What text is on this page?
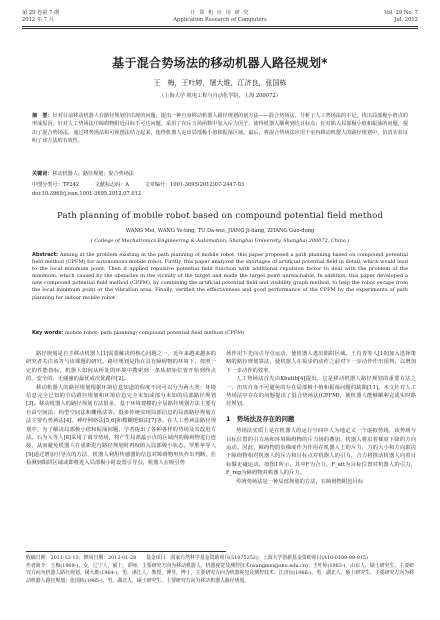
第 29 卷第 7 期
2012 年 7 月
计 算 机 应 用 研 究
Application Research of Computers
Vol. 29 No. 7
Jul. 2012
基于混合势场法的移动机器人路径规划*
王　梅，王叶婷，屠大维，江济良，张国栋
（上海大学 机电工程与自动化学院，上海 200072）
摘　要：针对目前移动机器人在路径规划中出现的问题，提出一种自身移动机器人路径规划的新方法——混合势场法。分析了人工势场法的不足，找出局部极小值点的形成原因；针对人工势场法中障碍物附近目标不可达问题，采用了在斥力场函数中加入斥力因子，使得机器人顺利到达目标点；针对陷入局部极小值和振荡的问题，提出了混合势场法，通过将势场法和可视图法结合起来，使得机器人走出局部极小值和振荡区域。最后，将混合势场法应用于室内移动机器人的路径规划中，仿真实验证明了该方法的有效性。
关键词：移动机器人；路径规划；混合势场法
中图分类号：TP242	文献标志码：A	文章编号：1001-3695(2012)07-2447-03
doi:10.3969/j.issn.1001-3695.2012.07.012
Path planning of mobile robot based on compound potential field method
WANG Mei, WANG Ye-ting, TU Da-wei, JIANG Ji-liang, ZHANG Guo-dong
( College of Mechatronics Engineering & Automation, Shanghai University, Shanghai 200072, China )
Abstract: Aiming at the problem existing in the path planning of mobile robot, this paper proposed a path planning based on compound potential field method (CPFM) for autonomous mobile robot. Firstly, this paper analyzed the shortages of artificial potential field in detail, which would lead to the local minimum point. Then it applied repulsive potential field function with additional repulsion factor to deal with the problem of the minimum, which caused by the obstacles in the vicinity of the target and made the target point unreachable. In addition, this paper developed a new compound potential field method (CPFM), by combining the artificial potential field and visibility graph method, to help the robot escape from the local minimum point or the vibration area. Finally, verified the effectiveness and good performance of the CPFM by the experiments of path planning for indoor mobile robot.
Key words: mobile robot; path planning; compound potential field method (CPFM)

路径规划是自主移动机器人[1]需要解决的核心问题之一，近年来越来越多的研究者关注该等与该课题的研究。路径规划是指在具有障碍物的环境下，按照一定的性能指标，机器人如何从所处的环境中搜索到一条从初始位置开始到终点的、安全的、无碰撞的最优或次优路径[2]。

移动机器人的路径规划根据环境信息知道的程度不同可以分为两大类：环境信息完全已知的全局路径规划和环境信息完全未知或部分未知的局部路径规划[3]。移动机器人的路径规划方法很多，基于环境建模的全局路径规划方法主要有自由空间法、构型空间法和栅格法等。很多传统实现局部信息的局部路径规划方法主要有势场法[4]、神经网络法[5,6]和模糊逻辑法[7]等。在人工势场法路径规划中，为了解决局部极小值和振荡问题，学者提出了各种各样的势场及其改进方法。石为人等人[8]采用了调节势场，将产生局部最小点的区域内的障碍物进行连接，从而避免机器人在重新进行路径规划时再度陷入局部极小状态。罗胜华等人[9]通过增加引导点的方法，机器人利用传感器的信息对障碍物形状作出判断，在检测到陷阱区域或即将进入局部极小时设置引导点，机器人在吸引势

场作用下先向引导点运动，使机器人逃出陷阱区域。王肖青等人[10]加入选择策略的路径规划算法，使机器人在每步的动作之前对下一步动作作出预判，以增加下一步动作的效率。

人工势场法首先由Khatib[4]提出，它是移动机器人路径规划的重要方法之一，但其自身不可避免的存在局部极小值和振荡问题的缺陷[11]。本文针对人工势场法中存在的问题提出了混合势场法(CPFM)，使机器人能够顺利完成实时路径规划。

1　势场法及存在的问题

势场法实质上是在机器人的运行空间中人为地定义一个虚拟势场，该势场与目标位置的引力场和环境障碍物的斥力场的叠加，机器人将沿着梯度下降的方向运动。因此，障碍物的负梯度作为作用在机器人上的斥力，力的大小和方向取决于障碍物相对机器人的斥力和目标点对机器人的引力，合力将推动机器人向着目标做无碰运动。如图1所示，其中F为合力，F_att为目标位置对机器人的引力，F_rep为障碍物对机器人的斥力。

传统势场法是一种局部规划的方法，在障碍物附近目标

收稿日期：2011-12-13；修回日期：2012-01-28　　基金项目：国家自然科学基金资助项目(51075252)；上海大学创新基金资助项目(A10-0109-09-015)
作者简介：王梅(1969-)，女，辽宁人，硕士，讲师，主要研究方向为移动机器人、机器视觉及测控技术(wangmei@shu.edu.cn)；王叶婷(1983-)，山东人，硕士研究生，主要研究方向为机器人路径规划；屠大维(1964-)，男，浙江人，教授，博导，博士，主要研究方向为机器视觉及测控技术；江济良(1986-)，男，湖北人，硕士研究生，主要研究方向为移动机器人路径规划；张国栋(1985-)，男，湖北人，硕士研究生，主要研究方向为移动机器人路径规划。
